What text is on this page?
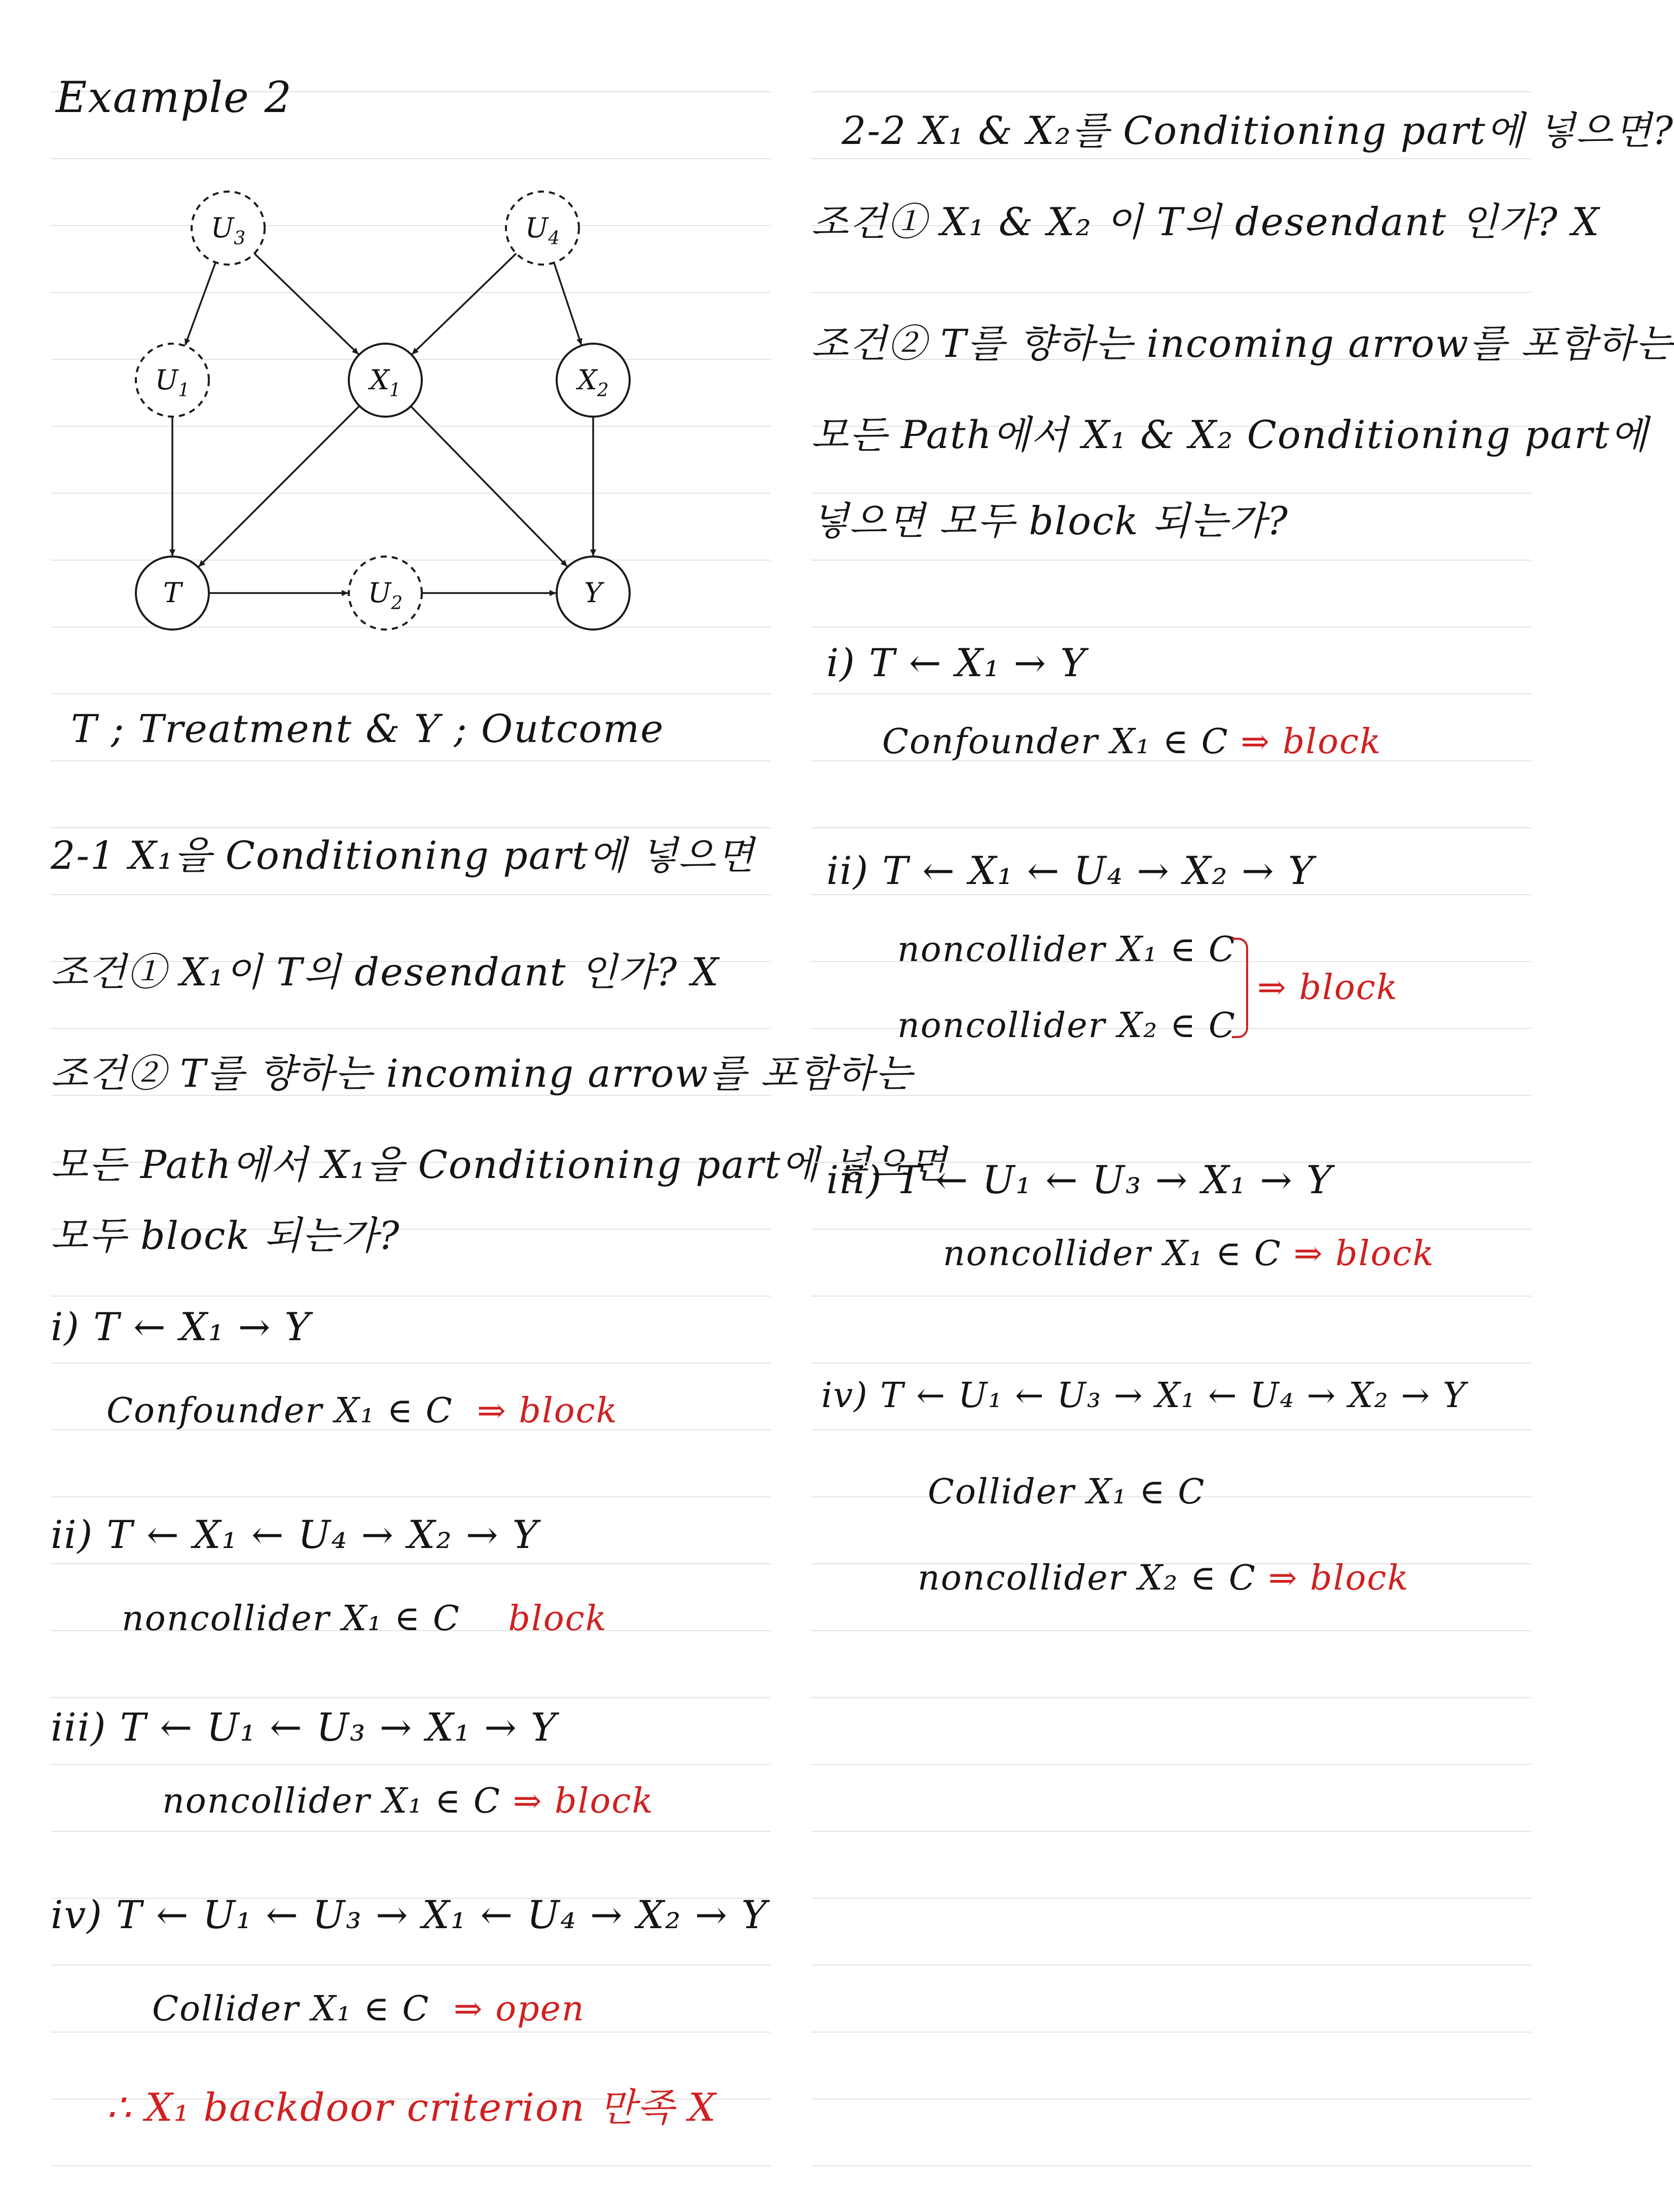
Example 2
$U_3$	$U_4$
$U_1$	$X_1$	$X_2$
T	$U_2$	Y
T ; Treatment & Y ; Outcome
2-1 X₁을 Conditioning part에 넣으면
조건① X₁이 T의 desendant 인가? X
조건② T를 향하는 incoming arrow를 포함하는
모든 Path에서 X₁을 Conditioning part에 넣으면
모두 block 되는가?
i) T ← X₁ → Y
Confounder X₁ ∈ C ⇒ block
ii) T ← X₁ ← U₄ → X₂ → Y
noncollider X₁ ∈ C block
iii) T ← U₁ ← U₃ → X₁ → Y
noncollider X₁ ∈ C ⇒ block
iv) T ← U₁ ← U₃ → X₁ ← U₄ → X₂ → Y
Collider X₁ ∈ C ⇒ open
∴ X₁ backdoor criterion 만족 X
2-2 X₁ & X₂를 Conditioning part에 넣으면?
조건① X₁ & X₂ 이 T의 desendant 인가? X
조건② T를 향하는 incoming arrow를 포함하는
모든 Path에서 X₁ & X₂ Conditioning part에
넣으면 모두 block 되는가?
i) T ← X₁ → Y
Confounder X₁ ∈ C ⇒ block
ii) T ← X₁ ← U₄ → X₂ → Y
noncollider X₁ ∈ C
noncollider X₂ ∈ C
⇒ block
iii) T ← U₁ ← U₃ → X₁ → Y
noncollider X₁ ∈ C ⇒ block
iv) T ← U₁ ← U₃ → X₁ ← U₄ → X₂ → Y
Collider X₁ ∈ C
noncollider X₂ ∈ C ⇒ block
